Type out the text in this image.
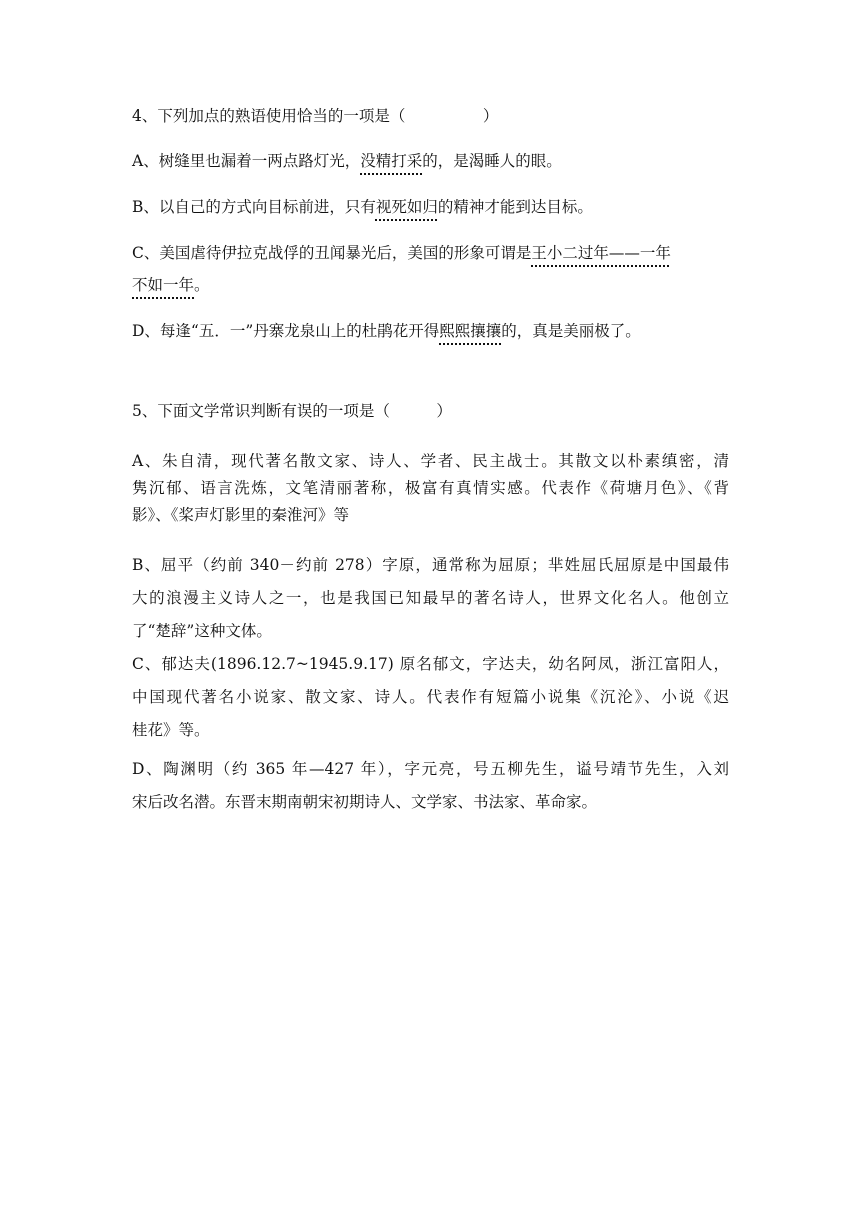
4、下列加点的熟语使用恰当的一项是（　　　　　）

A、树缝里也漏着一两点路灯光，没精打采的，是渴睡人的眼。

B、以自己的方式向目标前进，只有视死如归的精神才能到达目标。

C、美国虐待伊拉克战俘的丑闻暴光后，美国的形象可谓是王小二过年——一年

不如一年。

D、每逢“五．一”丹寨龙泉山上的杜鹃花开得熙熙攘攘的，真是美丽极了。

5、下面文学常识判断有误的一项是（　　　）

A、朱自清，现代著名散文家、诗人、学者、民主战士。其散文以朴素缜密，清

隽沉郁、语言洗炼，文笔清丽著称，极富有真情实感。代表作《荷塘月色》、《背

影》、《桨声灯影里的秦淮河》等

B、屈平（约前 340－约前 278）字原，通常称为屈原；芈姓屈氏屈原是中国最伟

大的浪漫主义诗人之一，也是我国已知最早的著名诗人，世界文化名人。他创立

了“楚辞”这种文体。

C、郁达夫(1896.12.7~1945.9.17) 原名郁文，字达夫，幼名阿凤，浙江富阳人，

中国现代著名小说家、散文家、诗人。代表作有短篇小说集《沉沦》、小说《迟

桂花》等。

D、陶渊明（约 365 年—427 年），字元亮，号五柳先生，谥号靖节先生，入刘

宋后改名潜。东晋末期南朝宋初期诗人、文学家、书法家、革命家。
